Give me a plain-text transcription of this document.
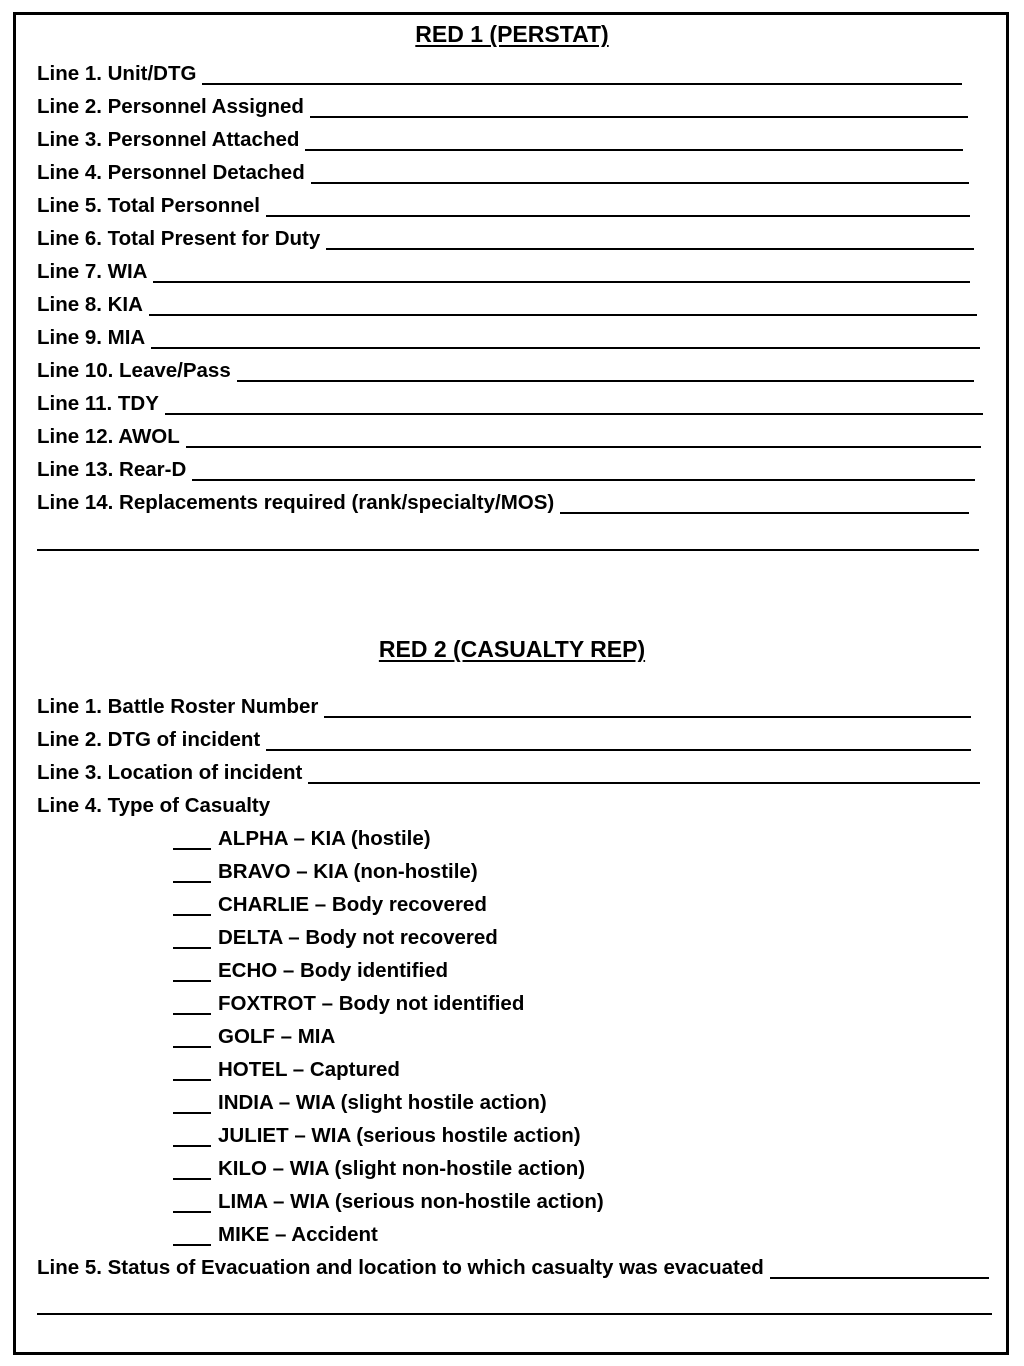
RED 1 (PERSTAT)
Line 1. Unit/DTG
Line 2. Personnel Assigned
Line 3. Personnel Attached
Line 4. Personnel Detached
Line 5. Total Personnel
Line 6. Total Present for Duty
Line 7. WIA
Line 8. KIA
Line 9. MIA
Line 10. Leave/Pass
Line 11. TDY
Line 12. AWOL
Line 13. Rear-D
Line 14. Replacements required (rank/specialty/MOS)
RED 2 (CASUALTY REP)
Line 1. Battle Roster Number
Line 2. DTG of incident
Line 3. Location of incident
Line 4. Type of Casualty
ALPHA – KIA (hostile)
BRAVO – KIA (non-hostile)
CHARLIE – Body recovered
DELTA – Body not recovered
ECHO – Body identified
FOXTROT – Body not identified
GOLF – MIA
HOTEL – Captured
INDIA – WIA (slight hostile action)
JULIET – WIA (serious hostile action)
KILO – WIA (slight non-hostile action)
LIMA – WIA (serious non-hostile action)
MIKE – Accident
Line 5. Status of Evacuation and location to which casualty was evacuated
